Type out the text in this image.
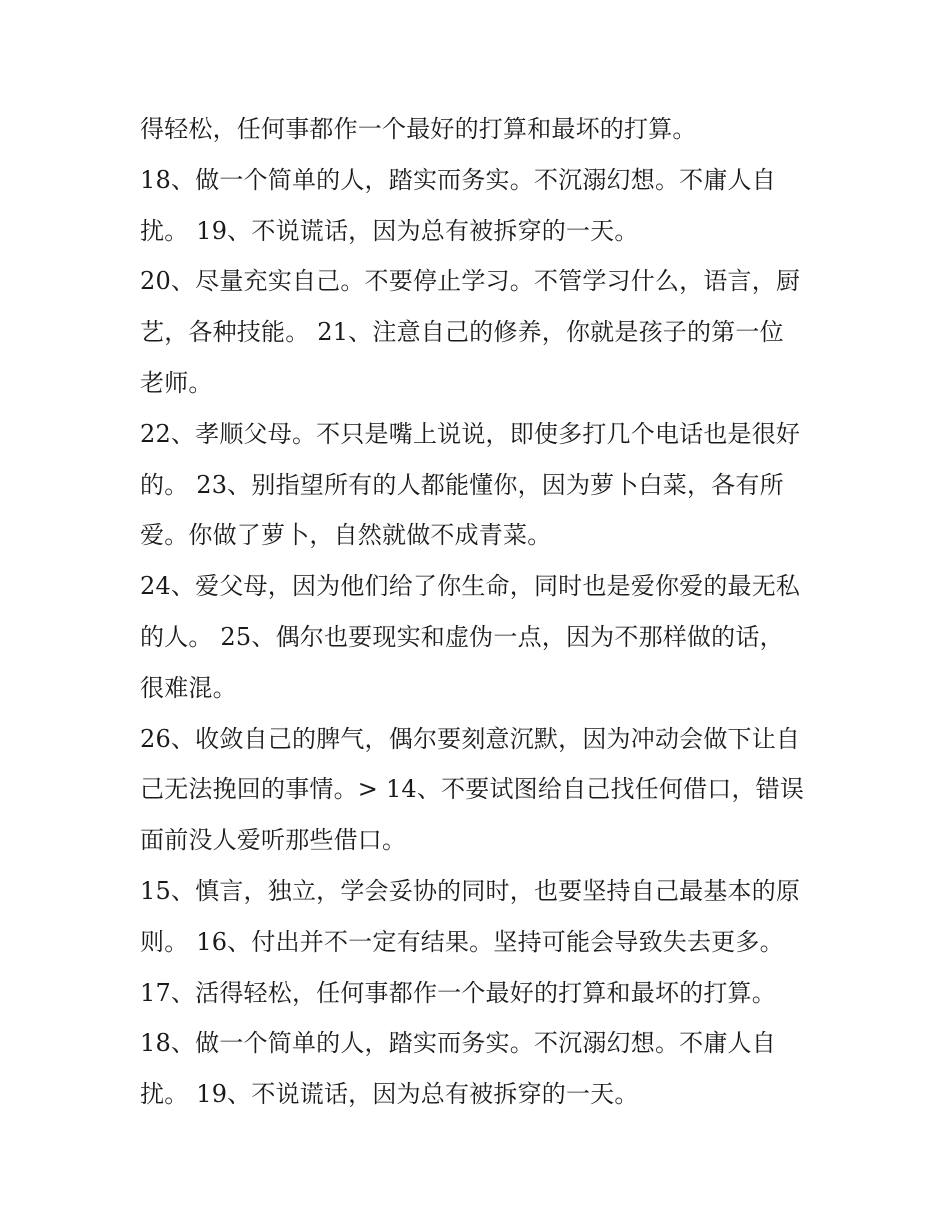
得轻松，任何事都作一个最好的打算和最坏的打算。
18、做一个简单的人，踏实而务实。不沉溺幻想。不庸人自
扰。 19、不说谎话，因为总有被拆穿的一天。
20、尽量充实自己。不要停止学习。不管学习什么，语言，厨
艺，各种技能。 21、注意自己的修养，你就是孩子的第一位
老师。
22、孝顺父母。不只是嘴上说说，即使多打几个电话也是很好
的。 23、别指望所有的人都能懂你，因为萝卜白菜，各有所
爱。你做了萝卜，自然就做不成青菜。
24、爱父母，因为他们给了你生命，同时也是爱你爱的最无私
的人。 25、偶尔也要现实和虚伪一点，因为不那样做的话，
很难混。
26、收敛自己的脾气，偶尔要刻意沉默，因为冲动会做下让自
己无法挽回的事情。> 14、不要试图给自己找任何借口，错误
面前没人爱听那些借口。
15、慎言，独立，学会妥协的同时，也要坚持自己最基本的原
则。 16、付出并不一定有结果。坚持可能会导致失去更多。
17、活得轻松，任何事都作一个最好的打算和最坏的打算。
18、做一个简单的人，踏实而务实。不沉溺幻想。不庸人自
扰。 19、不说谎话，因为总有被拆穿的一天。
